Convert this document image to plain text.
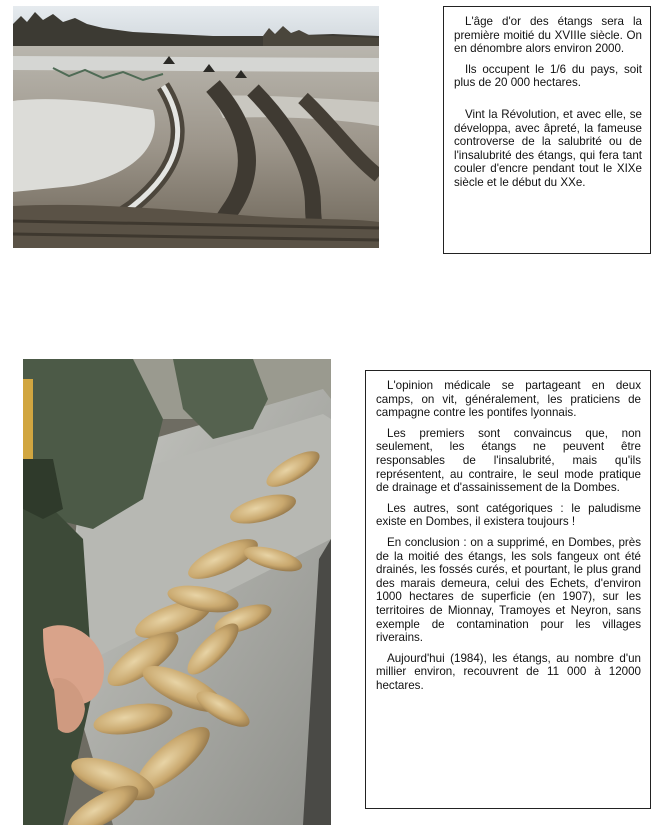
L'âge d'or des étangs sera la première moitié du XVIIIe siècle. On en dénombre alors environ 2000.

Ils occupent le 1/6 du pays, soit plus de 20 000 hectares.

Vint la Révolution, et avec elle, se développa, avec âpreté, la fameuse controverse de la salubrité ou de l'insalubrité des étangs, qui fera tant couler d'encre pendant tout le XIXe siècle et le début du XXe.

L'opinion médicale se partageant en deux camps, on vit, généralement, les praticiens de campagne contre les pontifes lyonnais.

Les premiers sont convaincus que, non seulement, les étangs ne peuvent être responsables de l'insalubrité, mais qu'ils représentent, au contraire, le seul mode pratique de drainage et d'assainissement de la Dombes.

Les autres, sont catégoriques : le paludisme existe en Dombes, il existera toujours !

En conclusion : on a supprimé, en Dombes, près de la moitié des étangs, les sols fangeux ont été drainés, les fossés curés, et pourtant, le plus grand des marais demeura, celui des Echets, d'environ 1000 hectares de superficie (en 1907), sur les territoires de Mionnay, Tramoyes et Neyron, sans exemple de contamination pour les villages riverains.

Aujourd'hui (1984), les étangs, au nombre d'un millier environ, recouvrent de 11 000 à 12000 hectares.
